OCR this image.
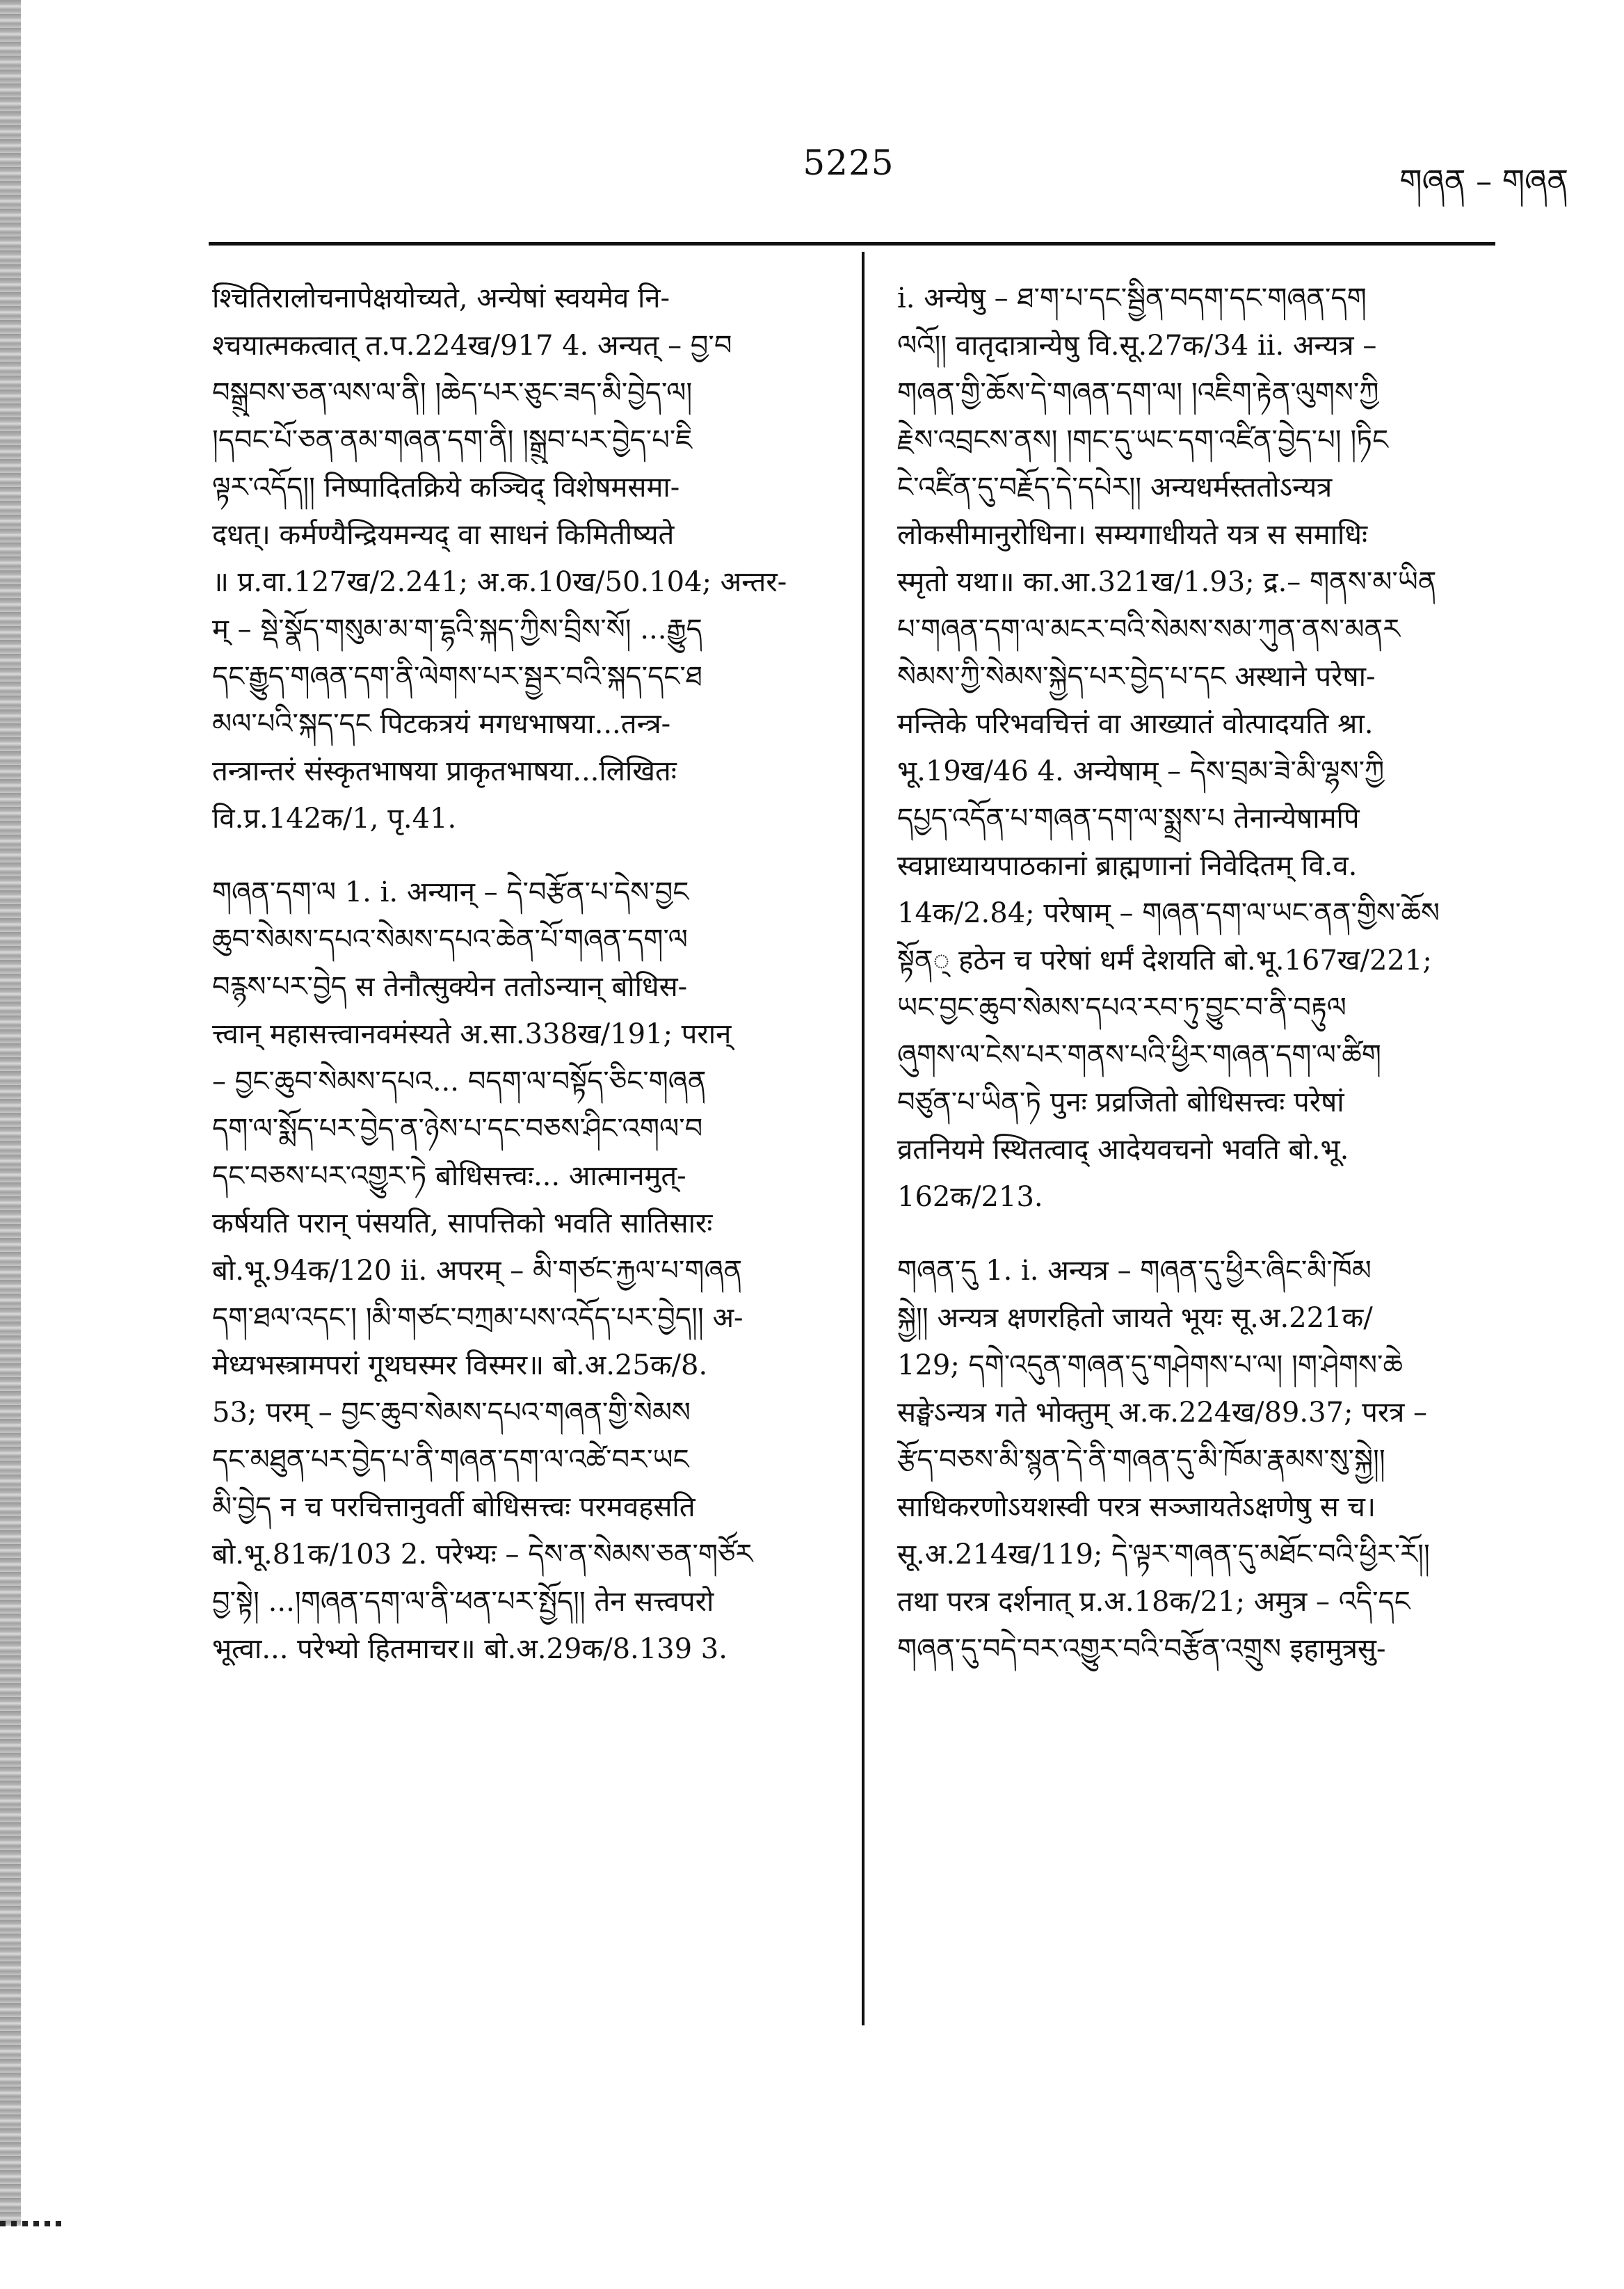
5225	གཞན – གཞན
श्चितिरालोचनापेक्षयोच्यते, अन्येषां स्वयमेव नि-
श्चयात्मकत्वात् त.प.224ख/917 4. अन्यत् – བྱ་བ
བསྒྲུབས་ཅན་ལས་ལ་ནི། །ཆེད་པར་ཅུང་ཟད་མི་བྱེད་ལ།
།དབང་པོ་ཅན་ནམ་གཞན་དག་ནི། །སྒྲུབ་པར་བྱེད་པ་ཇི
ལྟར་འདོད།། निष्पादितक्रिये कञ्चिद् विशेषमसमा-
दधत्। कर्मण्यैन्द्रियमन्यद् वा साधनं किमितीष्यते
॥ प्र.वा.127ख/2.241; अ.क.10ख/50.104; अन्तर-
म् – སྡེ་སྣོད་གསུམ་མ་ག་དྷའི་སྐད་ཀྱིས་བྲིས་སོ། ...རྒྱུད
དང་རྒྱུད་གཞན་དག་ནི་ལེགས་པར་སྦྱར་བའི་སྐད་དང་ཐ
མལ་པའི་སྐད་དང पिटकत्रयं मगधभाषया...तन्त्र-
तन्त्रान्तरं संस्कृतभाषया प्राकृतभाषया...लिखितः
वि.प्र.142क/1, पृ.41.
གཞན་དག་ལ 1. i. अन्यान् – དེ་བརྩོན་པ་དེས་བྱང
ཆུབ་སེམས་དཔའ་སེམས་དཔའ་ཆེན་པོ་གཞན་དག་ལ
བརྙས་པར་བྱེད स तेनौत्सुक्येन ततोऽन्यान् बोधिस-
त्त्वान् महासत्त्वानवमंस्यते अ.सा.338ख/191; परान्
– བྱང་ཆུབ་སེམས་དཔའ... བདག་ལ་བསྟོད་ཅིང་གཞན
དག་ལ་སྨོད་པར་བྱེད་ན་ཉེས་པ་དང་བཅས་ཤིང་འགལ་བ
དང་བཅས་པར་འགྱུར་ཏེ बोधिसत्त्वः... आत्मानमुत्-
कर्षयति परान् पंसयति, सापत्तिको भवति सातिसारः
बो.भू.94क/120 ii. अपरम् – མི་གཙང་རྐྱལ་པ་གཞན
དག་ཐལ་འདང་། །མི་གཙང་བཀྲམ་པས་འདོད་པར་བྱེད།། अ-
मेध्यभस्त्रामपरां गूथघस्मर विस्मर॥ बो.अ.25क/8.
53; परम् – བྱང་ཆུབ་སེམས་དཔའ་གཞན་གྱི་སེམས
དང་མཐུན་པར་བྱེད་པ་ནི་གཞན་དག་ལ་འཚེ་བར་ཡང
མི་བྱེད न च परचित्तानुवर्ती बोधिसत्त्वः परमवहसति
बो.भू.81क/103 2. परेभ्यः – དེས་ན་སེམས་ཅན་གཙོར
བྱ་སྟེ། ...།གཞན་དག་ལ་ནི་ཕན་པར་སྤྱོད།། तेन सत्त्वपरो
भूत्वा... परेभ्यो हितमाचर॥ बो.अ.29क/8.139 3.
i. अन्येषु – ཐ་ག་པ་དང་སྦྱིན་བདག་དང་གཞན་དག
ལའོ།། वातृदात्रान्येषु वि.सू.27क/34 ii. अन्यत्र –
གཞན་གྱི་ཆོས་དེ་གཞན་དག་ལ། །འཇིག་རྟེན་ལུགས་ཀྱི
རྗེས་འབྲངས་ནས། །གང་དུ་ཡང་དག་འཛིན་བྱེད་པ། །ཏིང
ངེ་འཛིན་དུ་བརྗོད་དེ་དཔེར།། अन्यधर्मस्ततोऽन्यत्र
लोकसीमानुरोधिना। सम्यगाधीयते यत्र स समाधिः
स्मृतो यथा॥ का.आ.321ख/1.93; द्र.– གནས་མ་ཡིན
པ་གཞན་དག་ལ་མངར་བའི་སེམས་སམ་ཀུན་ནས་མནར
སེམས་ཀྱི་སེམས་སྐྱེད་པར་བྱེད་པ་དང अस्थाने परेषा-
मन्तिके परिभवचित्तं वा आख्यातं वोत्पादयति श्रा.
भू.19ख/46 4. अन्येषाम् – དེས་བྲམ་ཟེ་མི་ལྷས་ཀྱི
དཔྱད་འདོན་པ་གཞན་དག་ལ་སྨྲས་པ तेनान्येषामपि
स्वप्नाध्यायपाठकानां ब्राह्मणानां निवेदितम् वि.व.
14क/2.84; परेषाम् – གཞན་དག་ལ་ཡང་ནན་གྱིས་ཆོས
སྟོན् हठेन च परेषां धर्मं देशयति बो.भू.167ख/221;
ཡང་བྱང་ཆུབ་སེམས་དཔའ་རབ་ཏུ་བྱུང་བ་ནི་བརྟུལ
ཞུགས་ལ་ངེས་པར་གནས་པའི་ཕྱིར་གཞན་དག་ལ་ཚིག
བཙུན་པ་ཡིན་ཏེ पुनः प्रव्रजितो बोधिसत्त्वः परेषां
व्रतनियमे स्थितत्वाद् आदेयवचनो भवति बो.भू.
162क/213.
གཞན་དུ 1. i. अन्यत्र – གཞན་དུ་ཕྱིར་ཞིང་མི་ཁོམ
སྐྱེ།། अन्यत्र क्षणरहितो जायते भूयः सू.अ.221क/
129; དགེ་འདུན་གཞན་དུ་གཤེགས་པ་ལ། །ག་ཤེགས་ཆེ
सङ्घेऽन्यत्र गते भोक्तुम् अ.क.224ख/89.37; परत्र –
རྩོད་བཅས་མི་སྙན་དེ་ནི་གཞན་དུ་མི་ཁོམ་རྣམས་སུ་སྐྱེ།།
साधिकरणोऽयशस्वी परत्र सञ्जायतेऽक्षणेषु स च।
सू.अ.214ख/119; དེ་ལྟར་གཞན་དུ་མཐོང་བའི་ཕྱིར་རོ།།
तथा परत्र दर्शनात् प्र.अ.18क/21; अमुत्र – འདི་དང
གཞན་དུ་བདེ་བར་འགྱུར་བའི་བརྩོན་འགྲུས इहामुत्रसु-
